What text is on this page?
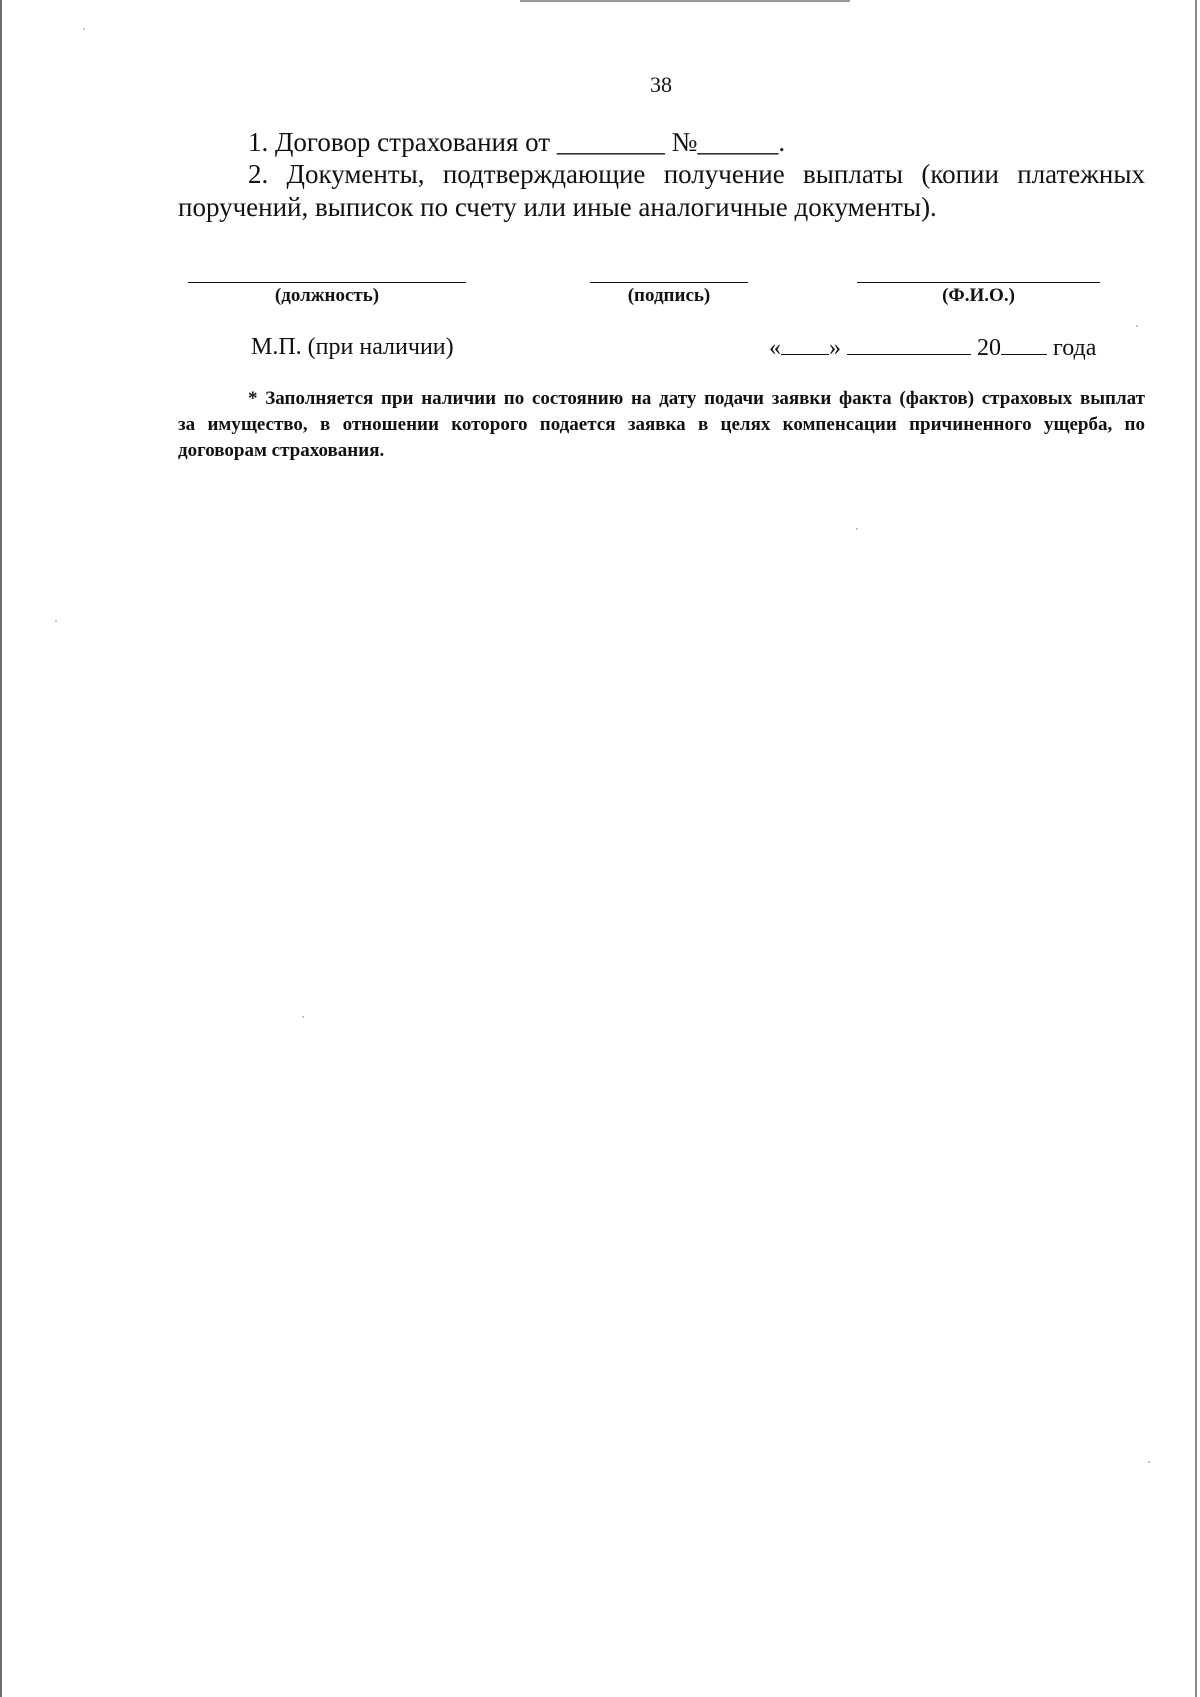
38
1. Договор страхования от ________ №______.
2. Документы, подтверждающие получение выплаты (копии платежных
поручений, выписок по счету или иные аналогичные документы).
(должность)	(подпись)	(Ф.И.О.)
М.П. (при наличии)	« »	20 года
* Заполняется при наличии по состоянию на дату подачи заявки факта (фактов) страховых выплат
за имущество, в отношении которого подается заявка в целях компенсации причиненного ущерба, по договорам страхования.
